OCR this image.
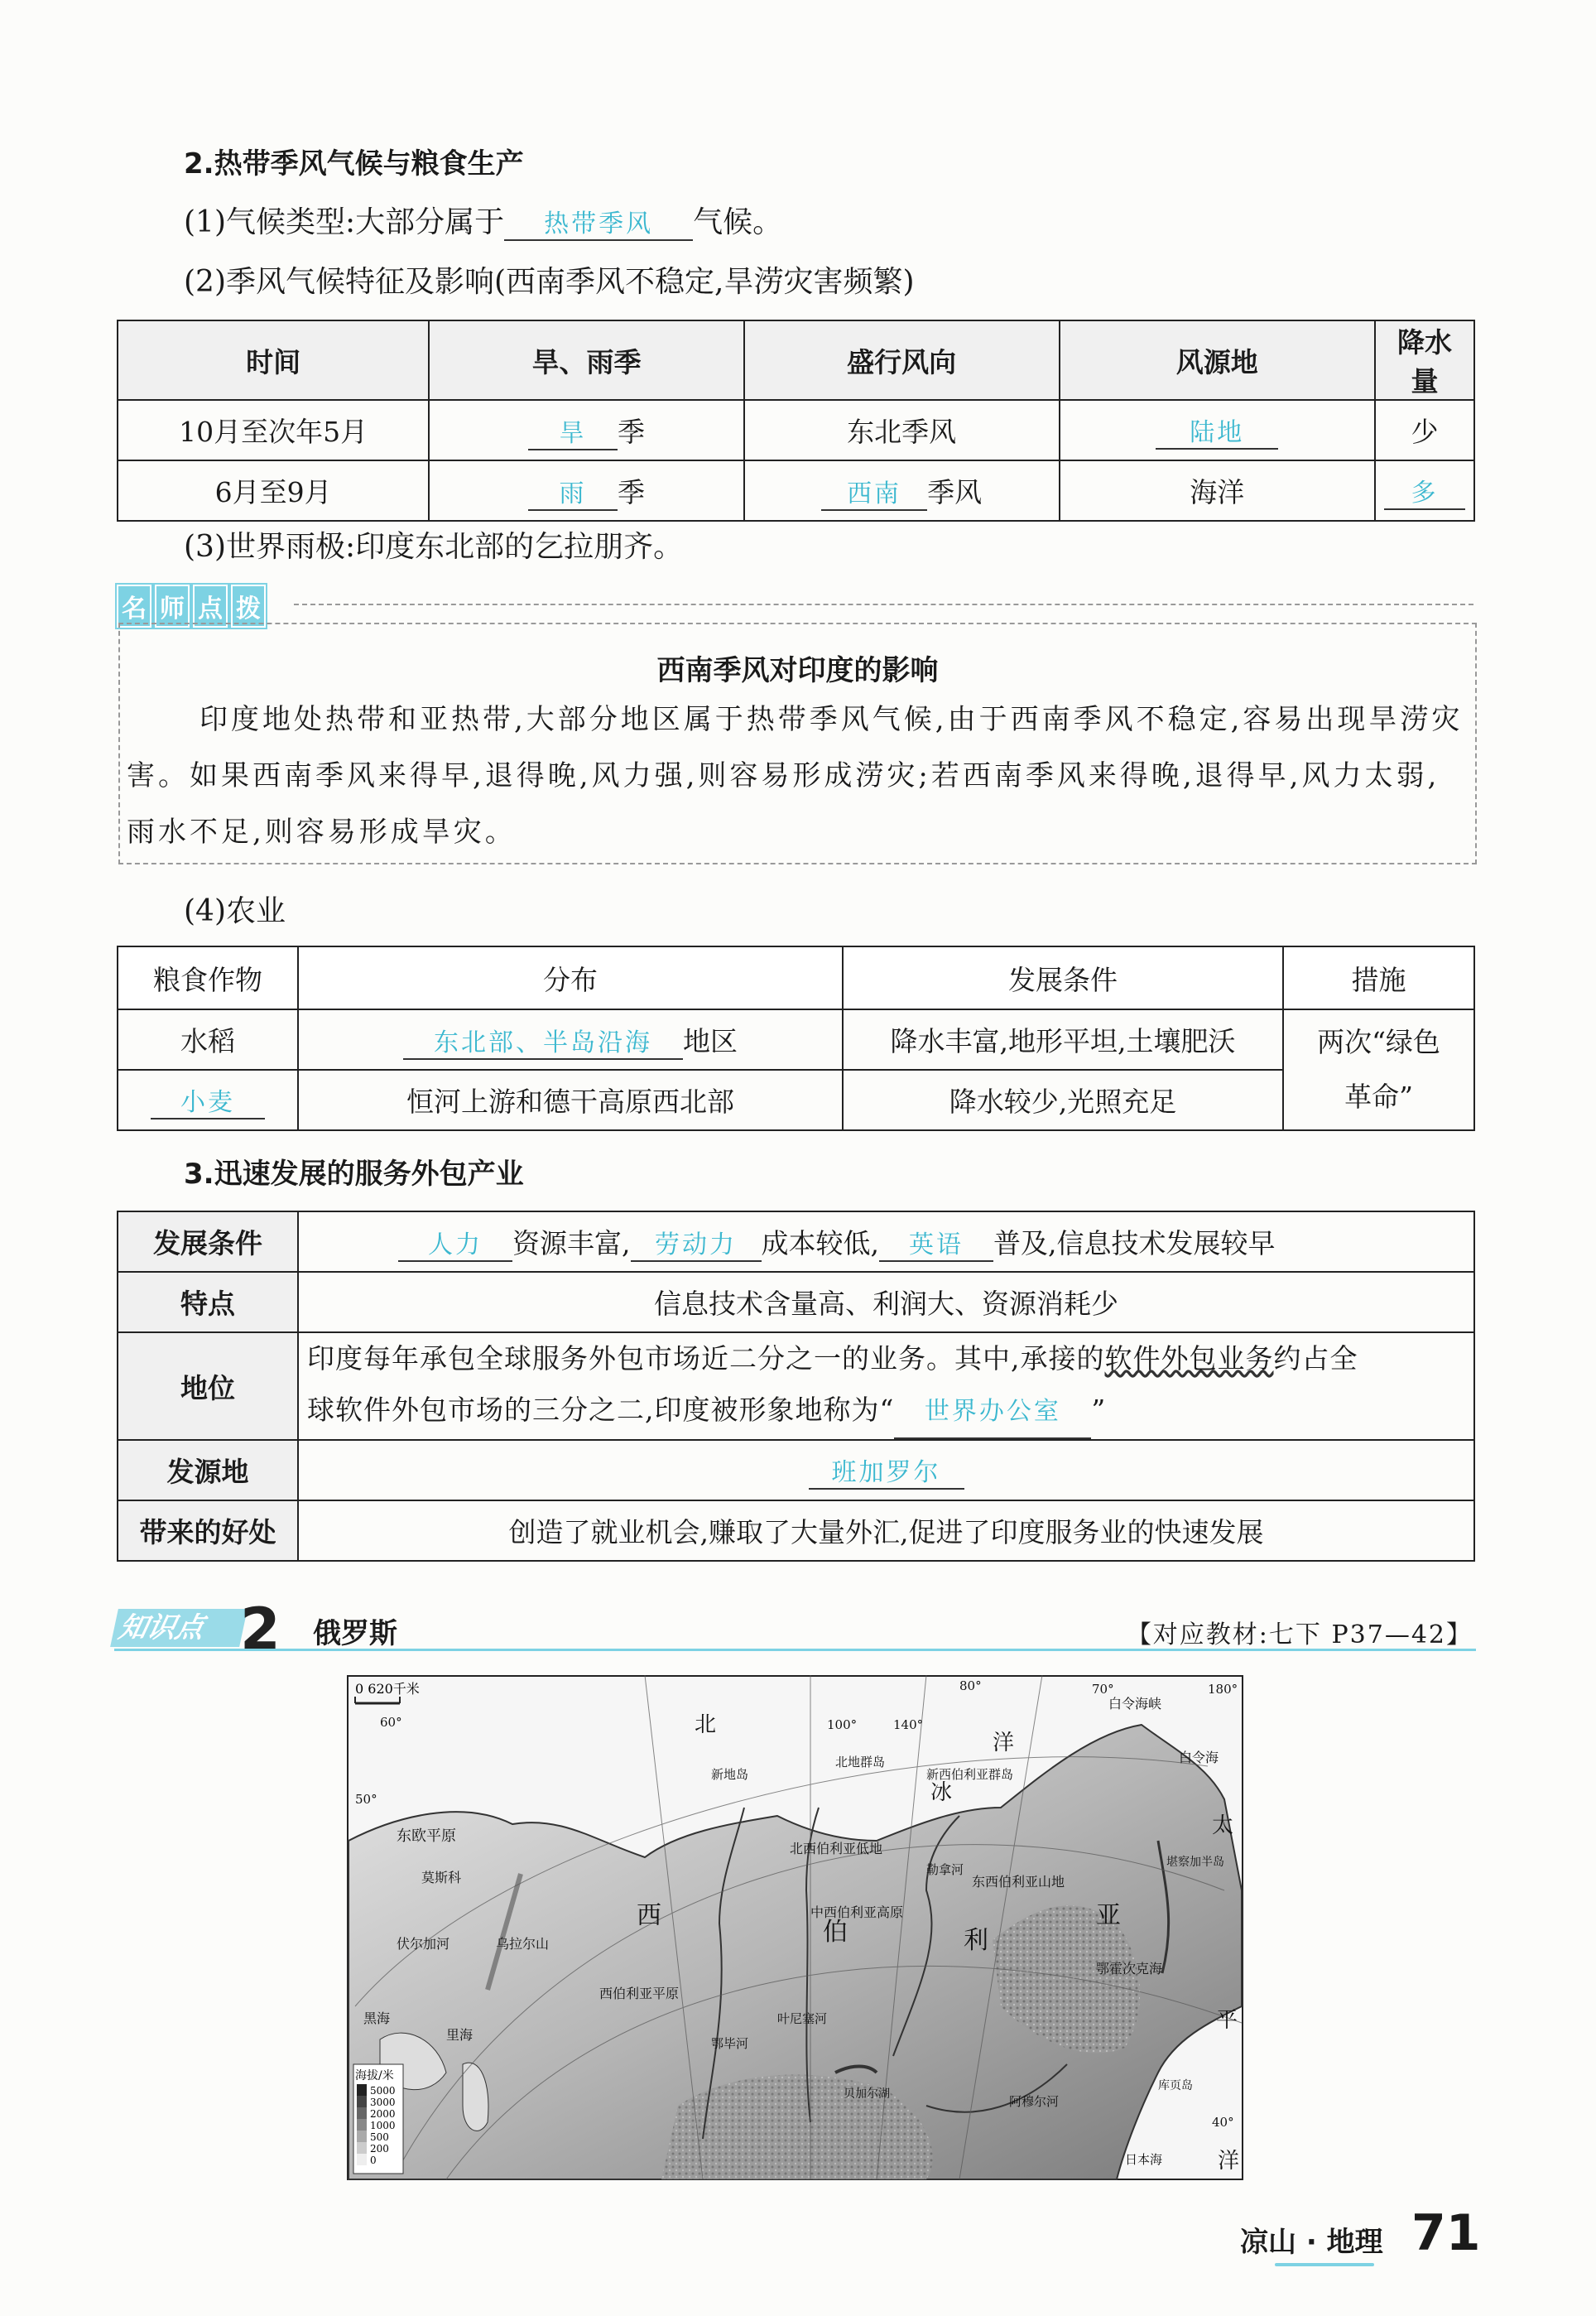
2.热带季风气候与粮食生产
(1)气候类型:大部分属于 热带季风 气候。
(2)季风气候特征及影响(西南季风不稳定,旱涝灾害频繁)
时间	旱、雨季	盛行风向	风源地	降水量
10月至次年5月	旱 季	东北季风	陆地	少
6月至9月	雨 季	西南 季风	海洋	多
(3)世界雨极:印度东北部的乞拉朋齐。
名 师 点 拨
西南季风对印度的影响
印度地处热带和亚热带,大部分地区属于热带季风气候,由于西南季风不稳定,容易出现旱涝灾害。如果西南季风来得早,退得晚,风力强,则容易形成涝灾;若西南季风来得晚,退得早,风力太弱,雨水不足,则容易形成旱灾。
(4)农业
粮食作物	分布	发展条件	措施
水稻	东北部、半岛沿海 地区	降水丰富,地形平坦,土壤肥沃	两次“绿色
革命”

小麦	恒河上游和德干高原西北部	降水较少,光照充足	
3.迅速发展的服务外包产业
发展条件	人力 资源丰富, 劳动力 成本较低, 英语 普及,信息技术发展较早
特点	信息技术含量高、利润大、资源消耗少
地位	印度每年承包全球服务外包市场近二分之一的业务。其中,承接的软件外包业务约占全
球软件外包市场的三分之二,印度被形象地称为“ 世界办公室 ”
发源地	班加罗尔
带来的好处	创造了就业机会,赚取了大量外汇,促进了印度服务业的快速发展
知识点 2 俄罗斯	【对应教材:七下 P37—42】
0 620千米
海拔/米
5000
3000
2000
1000
500
200
0
北
冰
洋
太
平
洋
东欧平原
西伯利亚平原
中西伯利亚高原
东西伯利亚山地
北西伯利亚低地
莫斯科
伏尔加河	乌拉尔山
西
伯	利
亚
叶尼塞河
鄂霍次克海
白令海峡
白令海
库页岛
日本海
新西伯利亚群岛
北地群岛
新地岛
黑海
里海
贝加尔湖
勒拿河
阿穆尔河
鄂毕河
堪察加半岛
60°
70°
80°
100°	140°
180°
50°
40°
凉山 · 地理 71
